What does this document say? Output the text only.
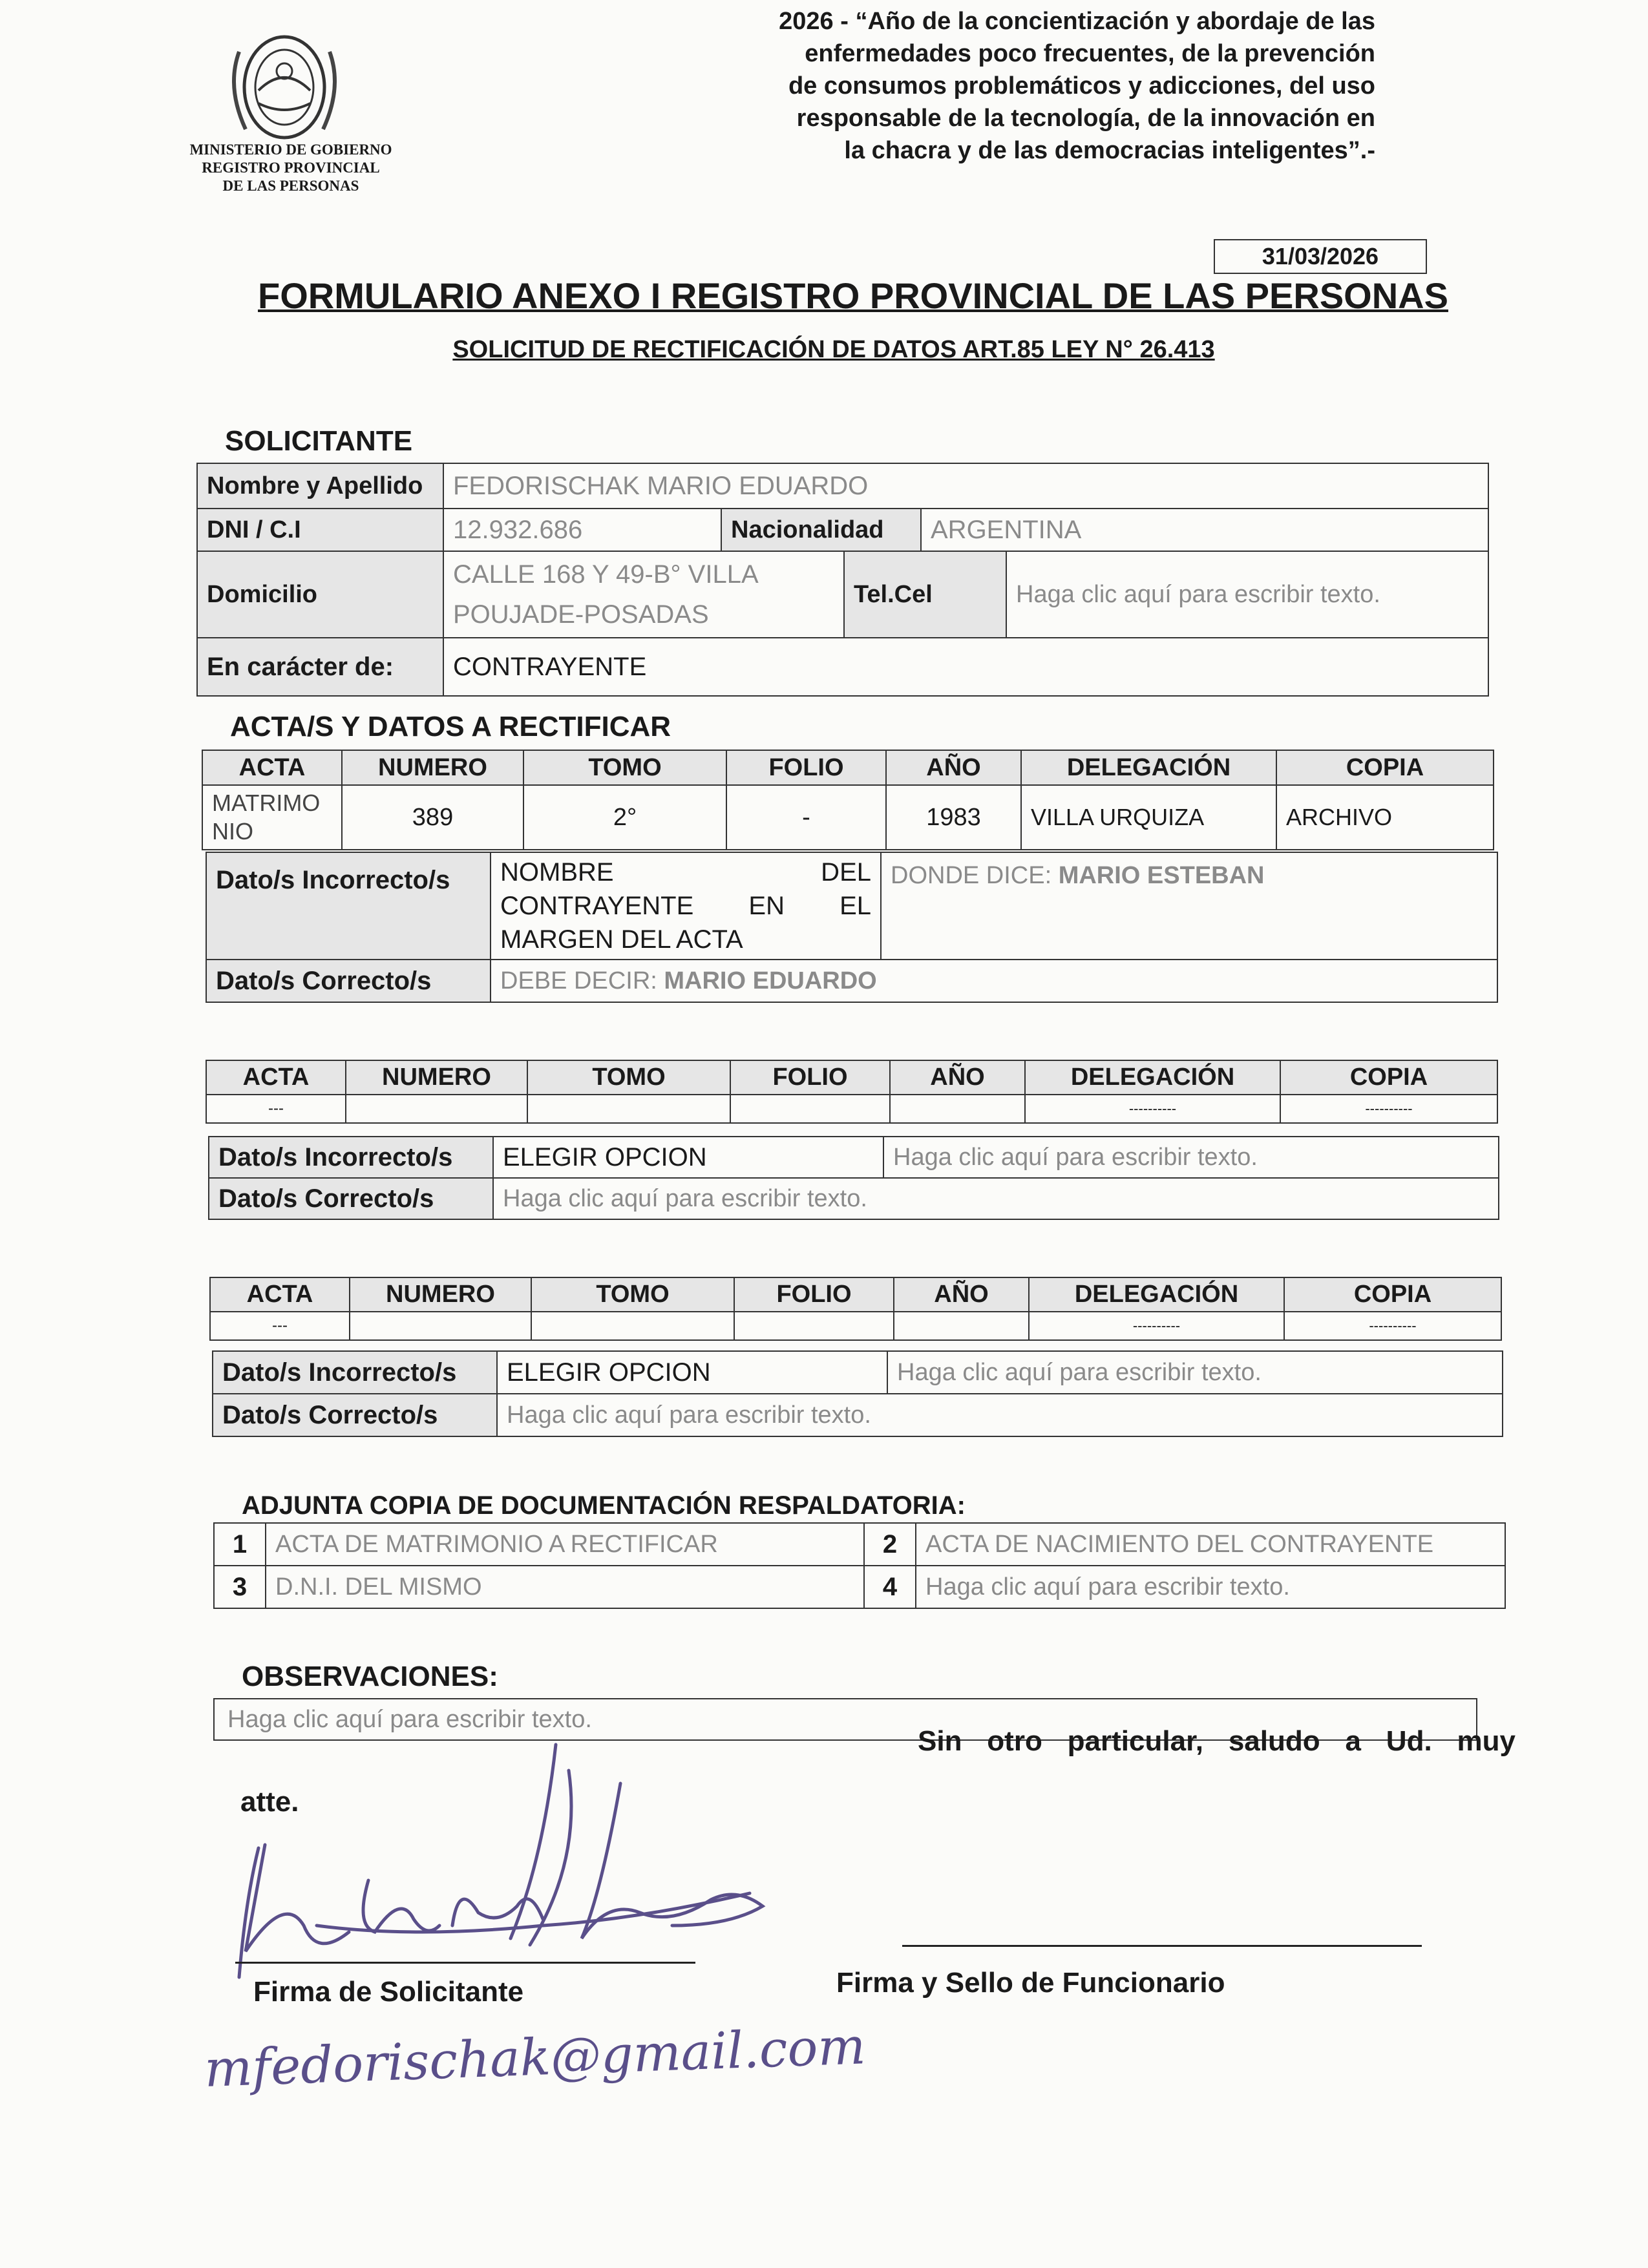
MINISTERIO DE GOBIERNO
REGISTRO PROVINCIAL
DE LAS PERSONAS
2026 - “Año de la concientización y abordaje de las
enfermedades poco frecuentes, de la prevención
de consumos problemáticos y adicciones, del uso
responsable de la tecnología, de la innovación en
la chacra y de las democracias inteligentes”.-
31/03/2026
FORMULARIO ANEXO I REGISTRO PROVINCIAL DE LAS PERSONAS
SOLICITUD DE RECTIFICACIÓN DE DATOS ART.85 LEY N° 26.413
SOLICITANTE
Nombre y Apellido	FEDORISCHAK MARIO EDUARDO				
DNI / C.I	12.932.686	Nacionalidad		ARGENTINA	
Domicilio	CALLE 168 Y 49-B° VILLA
POUJADE-POSADAS		Tel.Cel		Haga clic aquí para escribir texto.
En carácter de:	CONTRAYENTE				
ACTA/S Y DATOS A RECTIFICAR
ACTA	NUMERO	TOMO	FOLIO	AÑO	DELEGACIÓN	COPIA

MATRIMO
NIO	389	2°	-	1983	VILLA URQUIZA	ARCHIVO
Dato/s Incorrecto/s	NOMBRE DEL
CONTRAYENTE EN EL
MARGEN DEL ACTA	DONDE DICE: MARIO ESTEBAN
Dato/s Correcto/s	DEBE DECIR: MARIO EDUARDO	
ACTA	NUMERO	TOMO	FOLIO	AÑO	DELEGACIÓN	COPIA
---					----------	----------
Dato/s Incorrecto/s	ELEGIR OPCION	Haga clic aquí para escribir texto.
Dato/s Correcto/s	Haga clic aquí para escribir texto.	
ACTA	NUMERO	TOMO	FOLIO	AÑO	DELEGACIÓN	COPIA
---					----------	----------
Dato/s Incorrecto/s	ELEGIR OPCION	Haga clic aquí para escribir texto.
Dato/s Correcto/s	Haga clic aquí para escribir texto.	
ADJUNTA COPIA DE DOCUMENTACIÓN RESPALDATORIA:
1	ACTA DE MATRIMONIO A RECTIFICAR	2	ACTA DE NACIMIENTO DEL CONTRAYENTE
3	D.N.I. DEL MISMO	4	Haga clic aquí para escribir texto.
OBSERVACIONES:
Haga clic aquí para escribir texto.
Sin otro particular, saludo a Ud. muy
atte.
Firma de Solicitante	Firma y Sello de Funcionario
mfedorischak@gmail.com
